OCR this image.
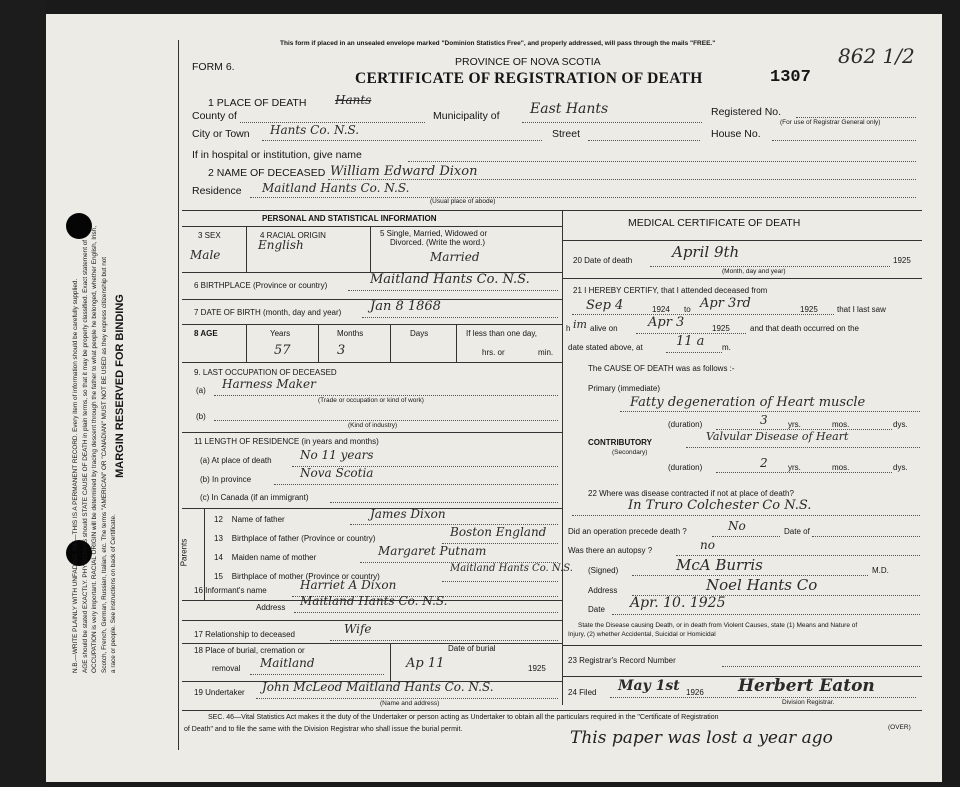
MARGIN RESERVED FOR BINDING
N.B.—WRITE PLAINLY WITH UNFADING INK—THIS IS A PERMANENT RECORD. Every item of information should be carefully supplied. AGE should be stated EXACTLY. PHYSICIANS should STATE CAUSE OF DEATH in plain terms, so that it may be properly classified. Exact statement of OCCUPATION is very important. RACIAL ORIGIN will be determined by tracing descent through the father to what people he belonged, whether English, Irish, Scotch, French, German, Russian, Italian, etc. The terms "AMERICAN" OR "CANADIAN" MUST NOT BE USED as they express citizenship but not a race or people. See instructions on back of Certificate.
This form if placed in an unsealed envelope marked "Dominion Statistics Free", and properly addressed, will pass through the mails "FREE."
FORM 6.	PROVINCE OF NOVA SCOTIA
CERTIFICATE OF REGISTRATION OF DEATH	1307
862 1/2
1 PLACE OF DEATH Hants
County of	Municipality of East Hants	Registered No.
(For use of Registrar General only)
City or Town Hants Co. N.S.	Street	House No.
If in hospital or institution, give name
2 NAME OF DECEASED William Edward Dixon
Residence Maitland Hants Co. N.S.
(Usual place of abode)
PERSONAL AND STATISTICAL INFORMATION
3 SEX	4 RACIAL ORIGIN	5 Single, Married, Widowed or
Divorced. (Write the word.)
Male
English
Married
6 BIRTHPLACE (Province or country)	Maitland Hants Co. N.S.
7 DATE OF BIRTH (month, day and year) Jan 8 1868
8 AGE	Years	Months	Days	If less than one day,
hrs. or	min.
57	3
9. LAST OCCUPATION OF DECEASED
(a) Harness Maker
(Trade or occupation or kind of work)
(b)
(Kind of industry)
11 LENGTH OF RESIDENCE (in years and months)
(a) At place of death No 11 years
(b) In province	Nova Scotia
(c) In Canada (if an immigrant)
Parents
12    Name of father	James Dixon
13    Birthplace of father (Province or country)	Boston England
14    Maiden name of mother	Margaret Putnam
15    Birthplace of mother (Province or country)
Maitland Hants Co. N.S.
16 Informant's name	Harriet A Dixon
Address Maitland Hants Co. N.S.
17 Relationship to deceased	Wife
18 Place of burial, cremation or
removal Maitland
Date of burial
Ap 11	1925
19 Undertaker John McLeod Maitland Hants Co. N.S.
(Name and address)
MEDICAL CERTIFICATE OF DEATH
20 Date of death	April 9th	1925
(Month, day and year)
21 I HEREBY CERTIFY, that I attended deceased from
Sep 4	1924 to Apr 3rd	1925 that I last saw
h im alive on Apr 3	1925	and that death occurred on the
date stated above, at	11 a m.
The CAUSE OF DEATH was as follows :-
Primary (immediate)
Fatty degeneration of Heart muscle
(duration)	3	yrs.	mos.	dys.
CONTRIBUTORY
(Secondary)
Valvular Disease of Heart
(duration)	2	yrs.	mos.	dys.
22 Where was disease contracted if not at place of death?
In Truro Colchester Co N.S.
Did an operation precede death ?	No	Date of
Was there an autopsy ?	no
(Signed)	McA Burris	M.D.
Address	Noel Hants Co
Date Apr. 10. 1925
State the Disease causing Death, or in death from Violent Causes, state (1) Means and Nature of
Injury, (2) whether Accidental, Suicidal or Homicidal
23 Registrar's Record Number
24 Filed May 1st 1926 Herbert Eaton
Division Registrar.
SEC. 46—Vital Statistics Act makes it the duty of the Undertaker or person acting as Undertaker to obtain all the particulars required in the "Certificate of Registration
(OVER)
of Death" and to file the same with the Division Registrar who shall issue the burial permit.	This paper was lost a year ago
